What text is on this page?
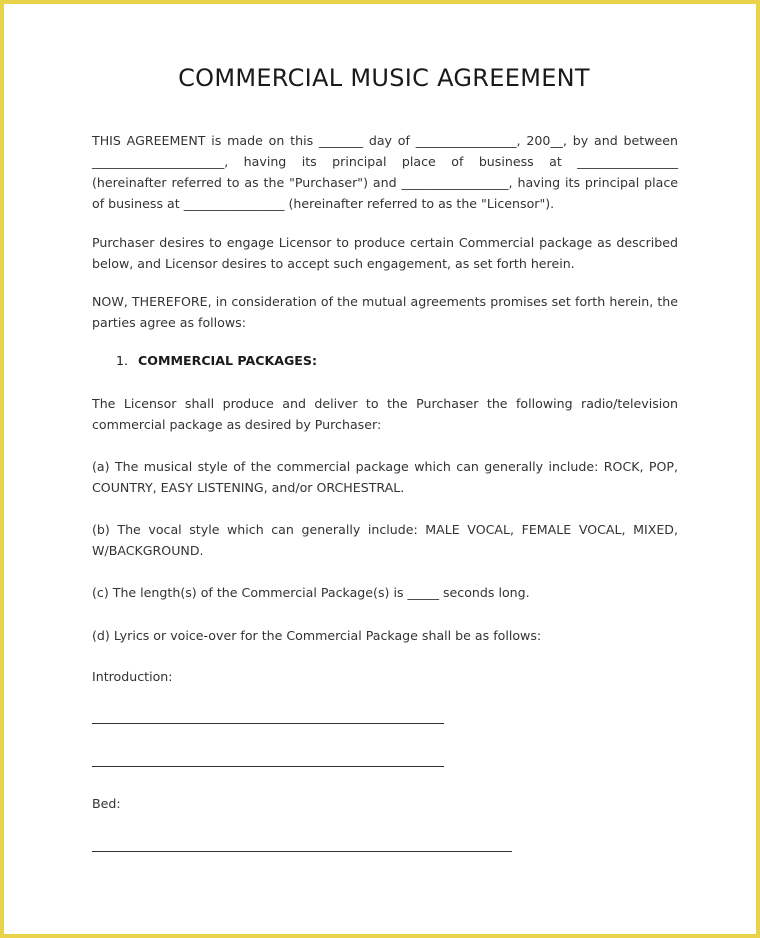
COMMERCIAL MUSIC AGREEMENT

THIS AGREEMENT is made on this _______ day of ________________, 200__, by and between
_____________________, having its principal place of business at ________________
(hereinafter referred to as the "Purchaser") and _________________, having its principal place
of business at ________________ (hereinafter referred to as the "Licensor").

Purchaser desires to engage Licensor to produce certain Commercial package as described
below, and Licensor desires to accept such engagement, as set forth herein.

NOW, THEREFORE, in consideration of the mutual agreements promises set forth herein, the
parties agree as follows:

1. COMMERCIAL PACKAGES:

The Licensor shall produce and deliver to the Purchaser the following radio/television
commercial package as desired by Purchaser:

(a) The musical style of the commercial package which can generally include: ROCK, POP,
COUNTRY, EASY LISTENING, and/or ORCHESTRAL.

(b) The vocal style which can generally include: MALE VOCAL, FEMALE VOCAL, MIXED,
W/BACKGROUND.

(c) The length(s) of the Commercial Package(s) is _____ seconds long.

(d) Lyrics or voice-over for the Commercial Package shall be as follows:

Introduction:

Bed:
